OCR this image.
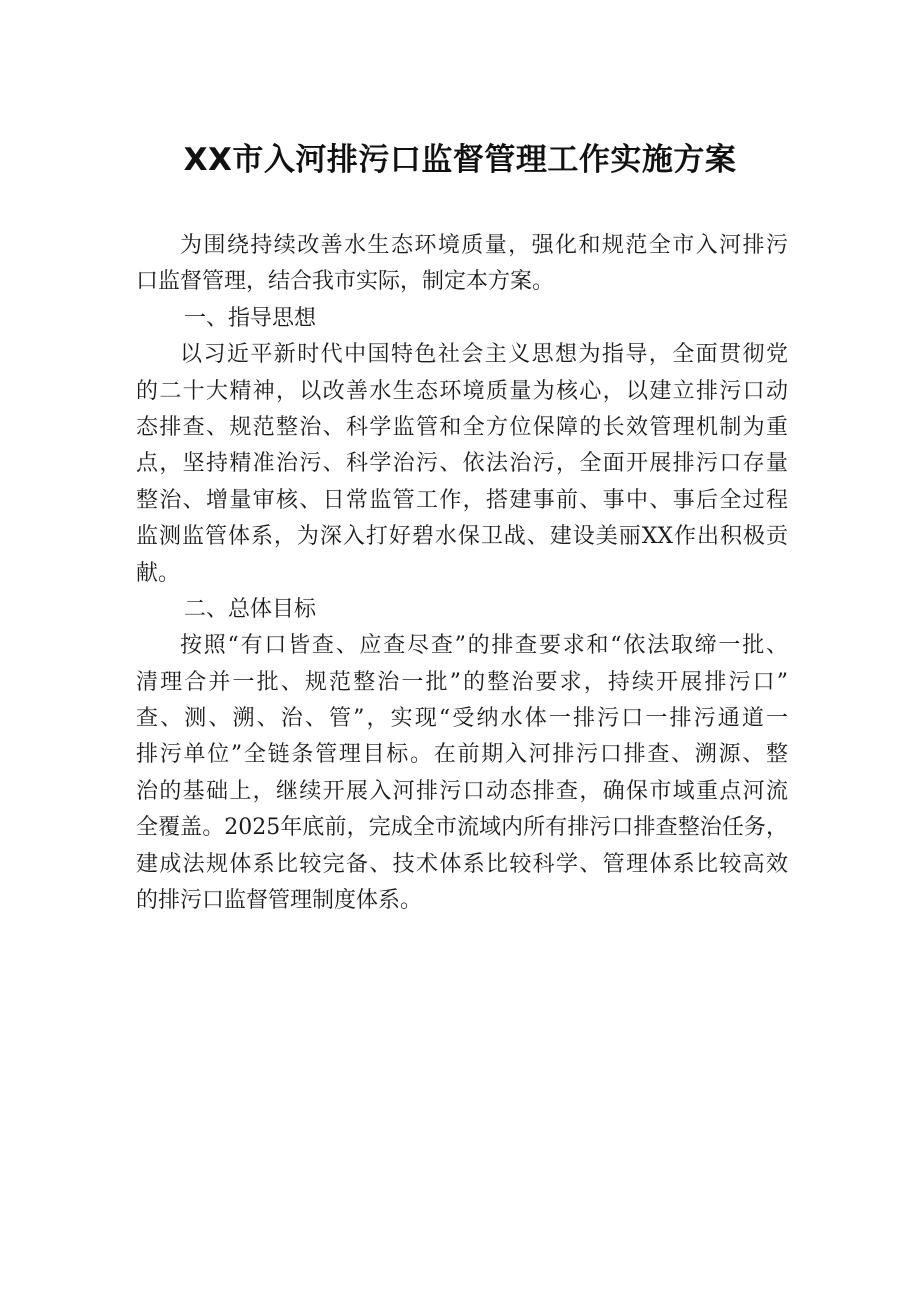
XX市入河排污口监督管理工作实施方案

为围绕持续改善水生态环境质量，强化和规范全市入河排污
口监督管理，结合我市实际，制定本方案。

一、指导思想

以习近平新时代中国特色社会主义思想为指导，全面贯彻党
的二十大精神，以改善水生态环境质量为核心，以建立排污口动
态排查、规范整治、科学监管和全方位保障的长效管理机制为重
点，坚持精准治污、科学治污、依法治污，全面开展排污口存量
整治、增量审核、日常监管工作，搭建事前、事中、事后全过程
监测监管体系，为深入打好碧水保卫战、建设美丽XX作出积极贡
献。

二、总体目标

按照“有口皆查、应查尽查”的排查要求和“依法取缔一批、
清理合并一批、规范整治一批”的整治要求，持续开展排污口”
查、测、溯、治、管”，实现“受纳水体一排污口一排污通道一
排污单位”全链条管理目标。在前期入河排污口排查、溯源、整
治的基础上，继续开展入河排污口动态排查，确保市域重点河流
全覆盖。2025年底前，完成全市流域内所有排污口排查整治任务，
建成法规体系比较完备、技术体系比较科学、管理体系比较高效
的排污口监督管理制度体系。
